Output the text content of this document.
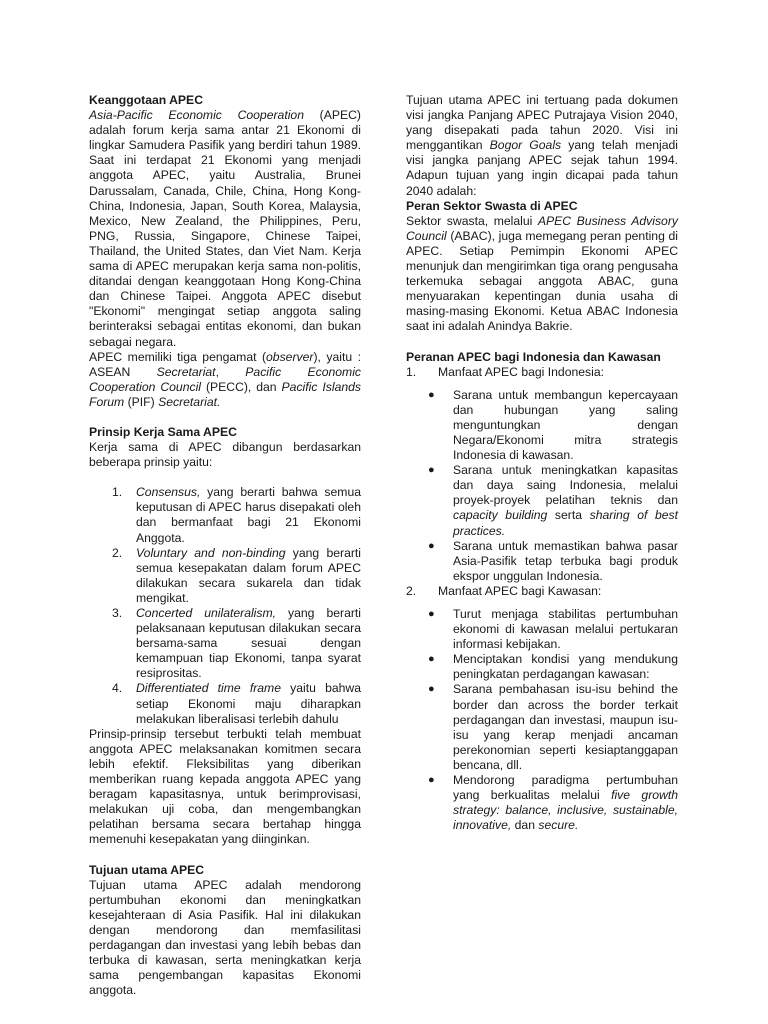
Keanggotaan APEC

Asia-Pacific Economic Cooperation (APEC) adalah forum kerja sama antar 21 Ekonomi di lingkar Samudera Pasifik yang berdiri tahun 1989. Saat ini terdapat 21 Ekonomi yang menjadi anggota APEC, yaitu Australia, Brunei Darussalam, Canada, Chile, China, Hong Kong-China, Indonesia, Japan, South Korea, Malaysia, Mexico, New Zealand, the Philippines, Peru, PNG, Russia, Singapore, Chinese Taipei, Thailand, the United States, dan Viet Nam. Kerja sama di APEC merupakan kerja sama non-politis, ditandai dengan keanggotaan Hong Kong-China dan Chinese Taipei. Anggota APEC disebut "Ekonomi" mengingat setiap anggota saling berinteraksi sebagai entitas ekonomi, dan bukan sebagai negara.

APEC memiliki tiga pengamat (observer), yaitu : ASEAN Secretariat, Pacific Economic Cooperation Council (PECC), dan Pacific Islands Forum (PIF) Secretariat.

Prinsip Kerja Sama APEC

Kerja sama di APEC dibangun berdasarkan beberapa prinsip yaitu:

1. Consensus, yang berarti bahwa semua keputusan di APEC harus disepakati oleh dan bermanfaat bagi 21 Ekonomi Anggota.
2. Voluntary and non-binding yang berarti semua kesepakatan dalam forum APEC dilakukan secara sukarela dan tidak mengikat.
3. Concerted unilateralism, yang berarti pelaksanaan keputusan dilakukan secara bersama-sama sesuai dengan kemampuan tiap Ekonomi, tanpa syarat resiprositas.
4. Differentiated time frame yaitu bahwa setiap Ekonomi maju diharapkan melakukan liberalisasi terlebih dahulu

Prinsip-prinsip tersebut terbukti telah membuat anggota APEC melaksanakan komitmen secara lebih efektif. Fleksibilitas yang diberikan memberikan ruang kepada anggota APEC yang beragam kapasitasnya, untuk berimprovisasi, melakukan uji coba, dan mengembangkan pelatihan bersama secara bertahap hingga memenuhi kesepakatan yang diinginkan.

Tujuan utama APEC

Tujuan utama APEC adalah mendorong pertumbuhan ekonomi dan meningkatkan kesejahteraan di Asia Pasifik. Hal ini dilakukan dengan mendorong dan memfasilitasi perdagangan dan investasi yang lebih bebas dan terbuka di kawasan, serta meningkatkan kerja sama pengembangan kapasitas Ekonomi anggota.

Tujuan utama APEC ini tertuang pada dokumen visi jangka Panjang APEC Putrajaya Vision 2040, yang disepakati pada tahun 2020. Visi ini menggantikan Bogor Goals yang telah menjadi visi jangka panjang APEC sejak tahun 1994. Adapun tujuan yang ingin dicapai pada tahun 2040 adalah:

Peran Sektor Swasta di APEC

Sektor swasta, melalui APEC Business Advisory Council (ABAC), juga memegang peran penting di APEC. Setiap Pemimpin Ekonomi APEC menunjuk dan mengirimkan tiga orang pengusaha terkemuka sebagai anggota ABAC, guna menyuarakan kepentingan dunia usaha di masing-masing Ekonomi. Ketua ABAC Indonesia saat ini adalah Anindya Bakrie.

Peranan APEC bagi Indonesia dan Kawasan
1. Manfaat APEC bagi Indonesia:
● Sarana untuk membangun kepercayaan dan hubungan yang saling menguntungkan dengan Negara/Ekonomi mitra strategis Indonesia di kawasan.
● Sarana untuk meningkatkan kapasitas dan daya saing Indonesia, melalui proyek-proyek pelatihan teknis dan capacity building serta sharing of best practices.
● Sarana untuk memastikan bahwa pasar Asia-Pasifik tetap terbuka bagi produk ekspor unggulan Indonesia.
2. Manfaat APEC bagi Kawasan:
● Turut menjaga stabilitas pertumbuhan ekonomi di kawasan melalui pertukaran informasi kebijakan.
● Menciptakan kondisi yang mendukung peningkatan perdagangan kawasan:
● Sarana pembahasan isu-isu behind the border dan across the border terkait perdagangan dan investasi, maupun isu-isu yang kerap menjadi ancaman perekonomian seperti kesiaptanggapan bencana, dll.
● Mendorong paradigma pertumbuhan yang berkualitas melalui five growth strategy: balance, inclusive, sustainable, innovative, dan secure.
